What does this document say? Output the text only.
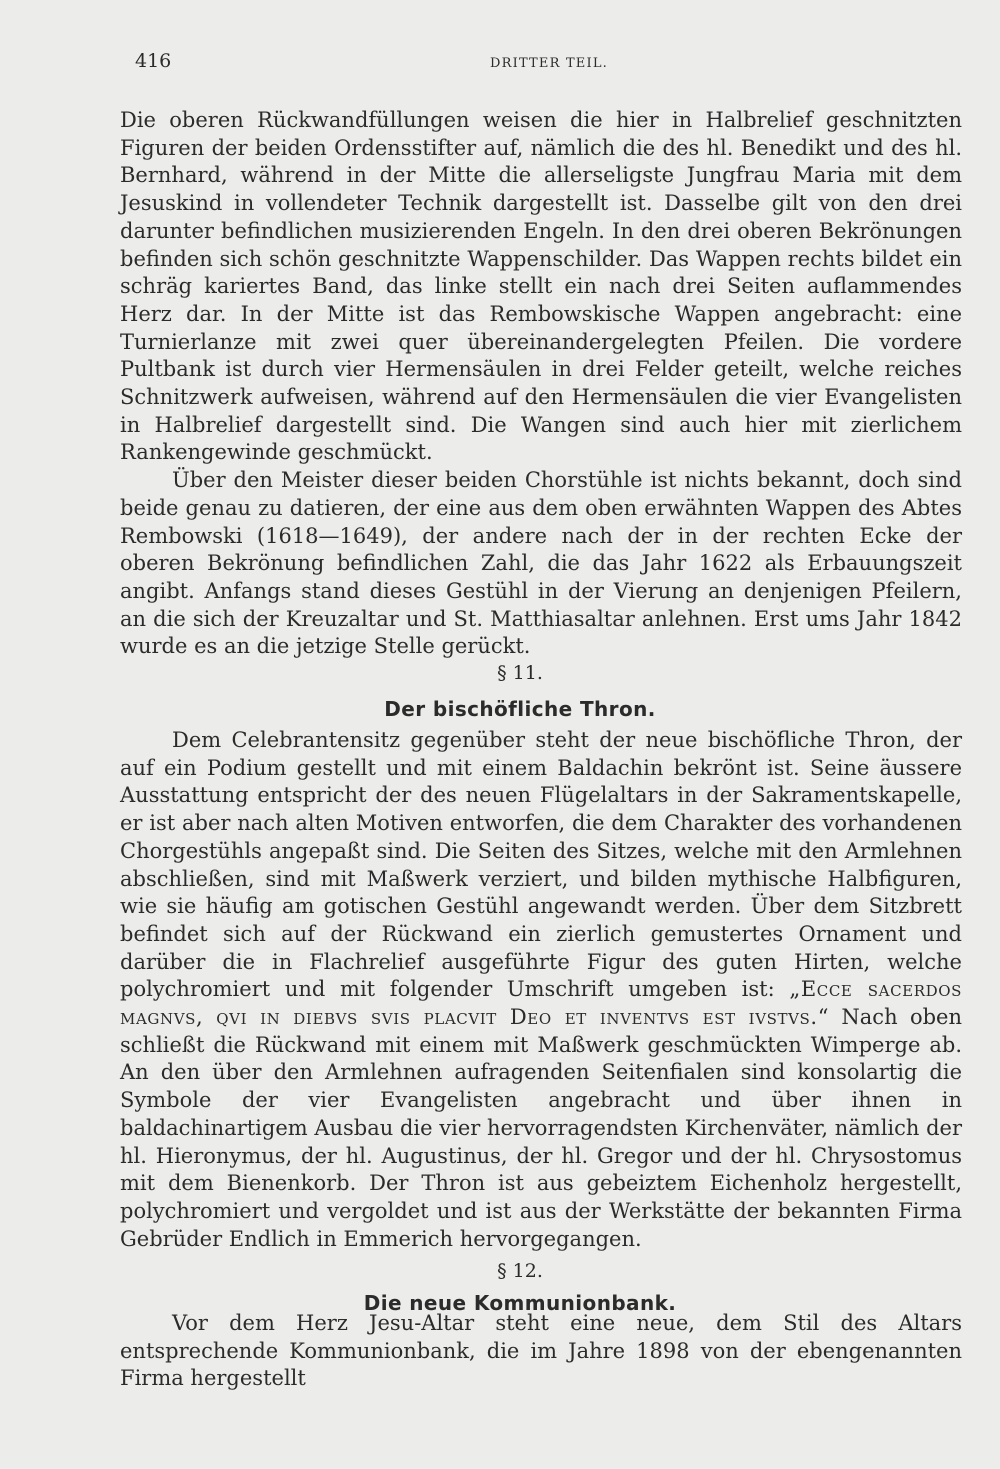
416	DRITTER TEIL.

Die oberen Rückwandfüllungen weisen die hier in Halbrelief geschnitzten Figuren der beiden Ordensstifter auf, nämlich die des hl. Benedikt und des hl. Bernhard, während in der Mitte die allerseligste Jungfrau Maria mit dem Jesuskind in vollendeter Technik dargestellt ist. Dasselbe gilt von den drei darunter befindlichen musizierenden Engeln. In den drei oberen Bekrönungen befinden sich schön geschnitzte Wappenschilder. Das Wappen rechts bildet ein schräg kariertes Band, das linke stellt ein nach drei Seiten auflammendes Herz dar. In der Mitte ist das Rembowskische Wappen angebracht: eine Turnierlanze mit zwei quer übereinandergelegten Pfeilen. Die vordere Pultbank ist durch vier Hermensäulen in drei Felder geteilt, welche reiches Schnitzwerk aufweisen, während auf den Hermensäulen die vier Evangelisten in Halbrelief dargestellt sind. Die Wangen sind auch hier mit zierlichem Rankengewinde geschmückt.

Über den Meister dieser beiden Chorstühle ist nichts bekannt, doch sind beide genau zu datieren, der eine aus dem oben erwähnten Wappen des Abtes Rembowski (1618—1649), der andere nach der in der rechten Ecke der oberen Bekrönung befindlichen Zahl, die das Jahr 1622 als Erbauungszeit angibt. Anfangs stand dieses Gestühl in der Vierung an denjenigen Pfeilern, an die sich der Kreuzaltar und St. Matthiasaltar anlehnen. Erst ums Jahr 1842 wurde es an die jetzige Stelle gerückt.

§ 11.
Der bischöfliche Thron.

Dem Celebrantensitz gegenüber steht der neue bischöfliche Thron, der auf ein Podium gestellt und mit einem Baldachin bekrönt ist. Seine äussere Ausstattung entspricht der des neuen Flügelaltars in der Sakramentskapelle, er ist aber nach alten Motiven entworfen, die dem Charakter des vorhandenen Chorgestühls angepaßt sind. Die Seiten des Sitzes, welche mit den Armlehnen abschließen, sind mit Maßwerk verziert, und bilden mythische Halbfiguren, wie sie häufig am gotischen Gestühl angewandt werden. Über dem Sitzbrett befindet sich auf der Rückwand ein zierlich gemustertes Ornament und darüber die in Flachrelief ausgeführte Figur des guten Hirten, welche polychromiert und mit folgender Umschrift umgeben ist: „Ecce sacerdos magnvs, qvi in diebvs svis placvit Deo et inventvs est ivstvs.“ Nach oben schließt die Rückwand mit einem mit Maßwerk geschmückten Wimperge ab. An den über den Armlehnen aufragenden Seitenfialen sind konsolartig die Symbole der vier Evangelisten angebracht und über ihnen in baldachinartigem Ausbau die vier hervorragendsten Kirchenväter, nämlich der hl. Hieronymus, der hl. Augustinus, der hl. Gregor und der hl. Chrysostomus mit dem Bienenkorb. Der Thron ist aus gebeiztem Eichenholz hergestellt, polychromiert und vergoldet und ist aus der Werkstätte der bekannten Firma Gebrüder Endlich in Emmerich hervorgegangen.

§ 12.
Die neue Kommunionbank.

Vor dem Herz Jesu-Altar steht eine neue, dem Stil des Altars entsprechende Kommunionbank, die im Jahre 1898 von der ebengenannten Firma hergestellt
